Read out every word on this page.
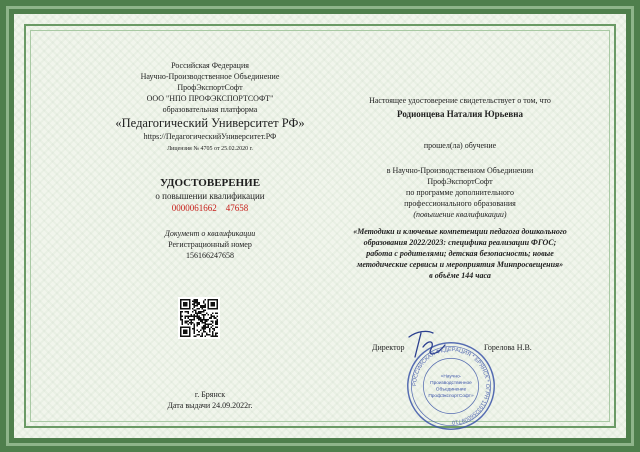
Российская Федерация
Научно-Производственное Объединение
ПрофЭкспортСофт
ООО "НПО ПРОФЭКСПОРТСОФТ"
образовательная платформа
«Педагогический Университет РФ»
https://ПедагогическийУниверситет.РФ
Лицензия № 4705 от 25.02.2020 г.
УДОСТОВЕРЕНИЕ
о повышении квалификации
0000061662    47658
Документ о квалификации
Регистрационный номер
156166247658
г. Брянск
Дата выдачи 24.09.2022г.
Настоящее удостоверение свидетельствует о том, что
Родионцева Наталия Юрьевна
прошел(ла) обучение
в Научно-Производственном Объединении
ПрофЭкспортСофт
по программе дополнительного
профессионального образования
(повышение квалификации)
«Методики и ключевые компетенции педагога дошкольного
образования 2022/2023: специфика реализации ФГОС;
работа с родителями; детская безопасность; новые
методические сервисы и мероприятия Минпросвещения»
в объёме 144 часа
РОССИЙСКАЯ ФЕДЕРАЦИЯ * БРЯНСК * ОГРН 1193256009710
«Научно-
Производственное
Объединение
ПрофЭкспортСофт»
Директор	Горелова Н.В.
